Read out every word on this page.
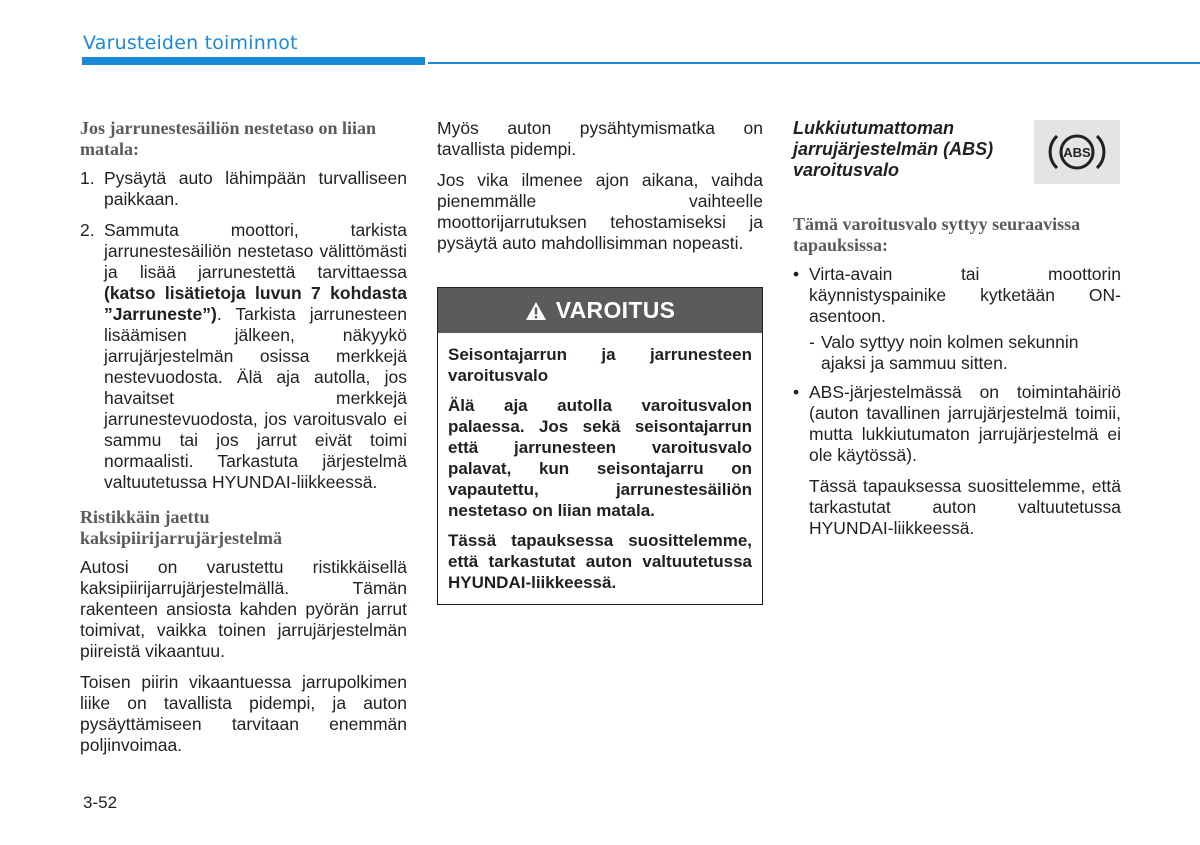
Varusteiden toiminnot
Jos jarrunestesäiliön nestetaso on liian matala:
1. Pysäytä auto lähimpään turvalliseen paikkaan.
2. Sammuta moottori, tarkista jarrunestesäiliön nestetaso välittömästi ja lisää jarrunestettä tarvittaessa (katso lisätietoja luvun 7 kohdasta ”Jarruneste”). Tarkista jarrunesteen lisäämisen jälkeen, näkyykö jarrujärjestelmän osissa merkkejä nestevuodosta. Älä aja autolla, jos havaitset merkkejä jarrunestevuodosta, jos varoitusvalo ei sammu tai jos jarrut eivät toimi normaalisti. Tarkastuta järjestelmä valtuutetussa HYUNDAI-liikkeessä.
Ristikkäin jaettu kaksipiirijarrujärjestelmä
Autosi on varustettu ristikkäisellä kaksipiirijarrujärjestelmällä. Tämän rakenteen ansiosta kahden pyörän jarrut toimivat, vaikka toinen jarrujärjestelmän piireistä vikaantuu.
Toisen piirin vikaantuessa jarrupolkimen liike on tavallista pidempi, ja auton pysäyttämiseen tarvitaan enemmän poljinvoimaa.
Myös auton pysähtymismatka on tavallista pidempi.
Jos vika ilmenee ajon aikana, vaihda pienemmälle vaihteelle moottorijarrutuksen tehostamiseksi ja pysäytä auto mahdollisimman nopeasti.
VAROITUS
Seisontajarrun ja jarrunesteen varoitusvalo
Älä aja autolla varoitusvalon palaessa. Jos sekä seisontajarrun että jarrunesteen varoitusvalo palavat, kun seisontajarru on vapautettu, jarrunestesäiliön nestetaso on liian matala.
Tässä tapauksessa suosittelemme, että tarkastutat auton valtuutetussa HYUNDAI-liikkeessä.
Lukkiutumattoman jarrujärjestelmän (ABS) varoitusvalo
Tämä varoitusvalo syttyy seuraavissa tapauksissa:
• Virta-avain tai moottorin käynnistyspainike kytketään ON-asentoon.
- Valo syttyy noin kolmen sekunnin ajaksi ja sammuu sitten.
• ABS-järjestelmässä on toimintahäiriö (auton tavallinen jarrujärjestelmä toimii, mutta lukkiutumaton jarrujärjestelmä ei ole käytössä).
Tässä tapauksessa suosittelemme, että tarkastutat auton valtuutetussa HYUNDAI-liikkeessä.
ABS
3-52
